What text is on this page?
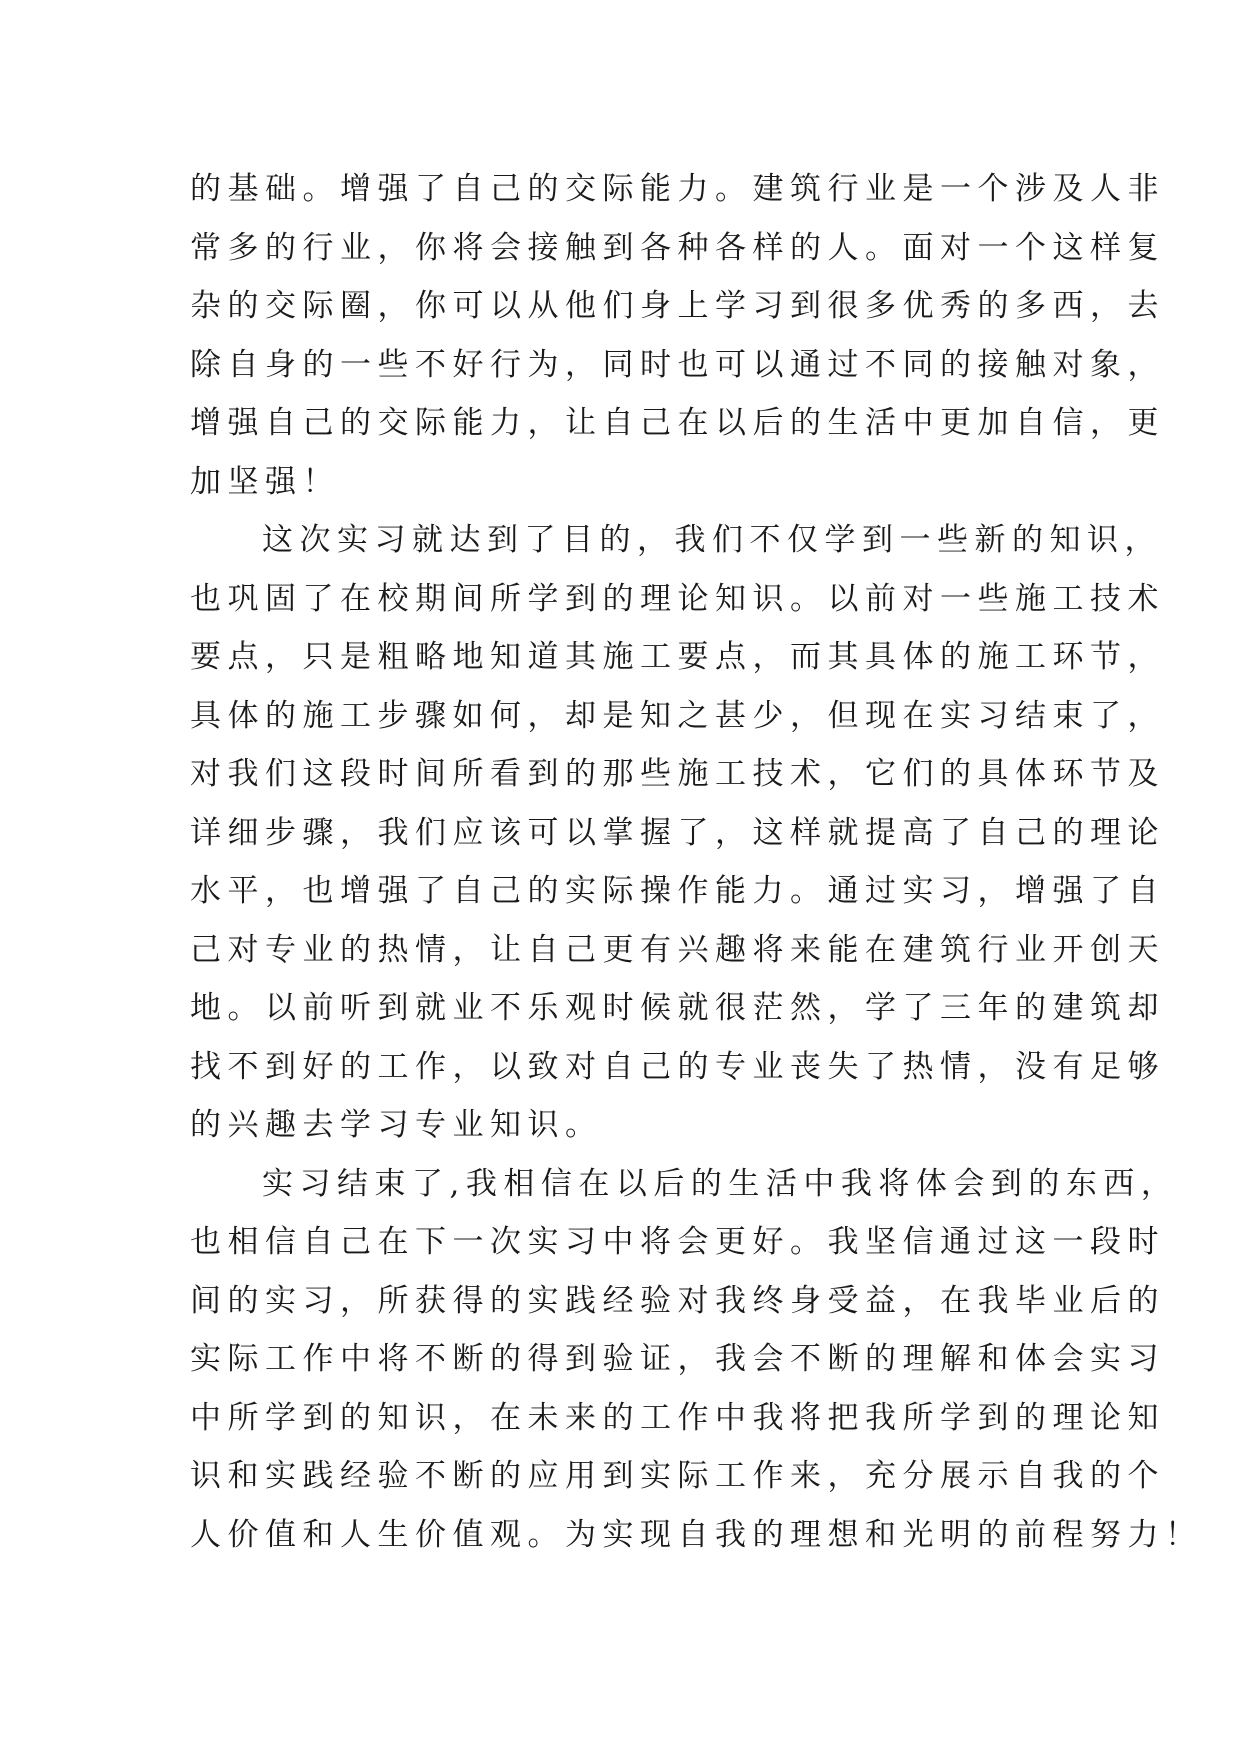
的基础。增强了自己的交际能力。建筑行业是一个涉及人非
常多的行业，你将会接触到各种各样的人。面对一个这样复
杂的交际圈，你可以从他们身上学习到很多优秀的多西，去
除自身的一些不好行为，同时也可以通过不同的接触对象，
增强自己的交际能力，让自己在以后的生活中更加自信，更
加坚强！
这次实习就达到了目的，我们不仅学到一些新的知识，
也巩固了在校期间所学到的理论知识。以前对一些施工技术
要点，只是粗略地知道其施工要点，而其具体的施工环节，
具体的施工步骤如何，却是知之甚少，但现在实习结束了，
对我们这段时间所看到的那些施工技术，它们的具体环节及
详细步骤，我们应该可以掌握了，这样就提高了自己的理论
水平，也增强了自己的实际操作能力。通过实习，增强了自
己对专业的热情，让自己更有兴趣将来能在建筑行业开创天
地。以前听到就业不乐观时候就很茫然，学了三年的建筑却
找不到好的工作，以致对自己的专业丧失了热情，没有足够
的兴趣去学习专业知识。
实习结束了,我相信在以后的生活中我将体会到的东西，
也相信自己在下一次实习中将会更好。我坚信通过这一段时
间的实习，所获得的实践经验对我终身受益，在我毕业后的
实际工作中将不断的得到验证，我会不断的理解和体会实习
中所学到的知识，在未来的工作中我将把我所学到的理论知
识和实践经验不断的应用到实际工作来，充分展示自我的个
人价值和人生价值观。为实现自我的理想和光明的前程努力！
